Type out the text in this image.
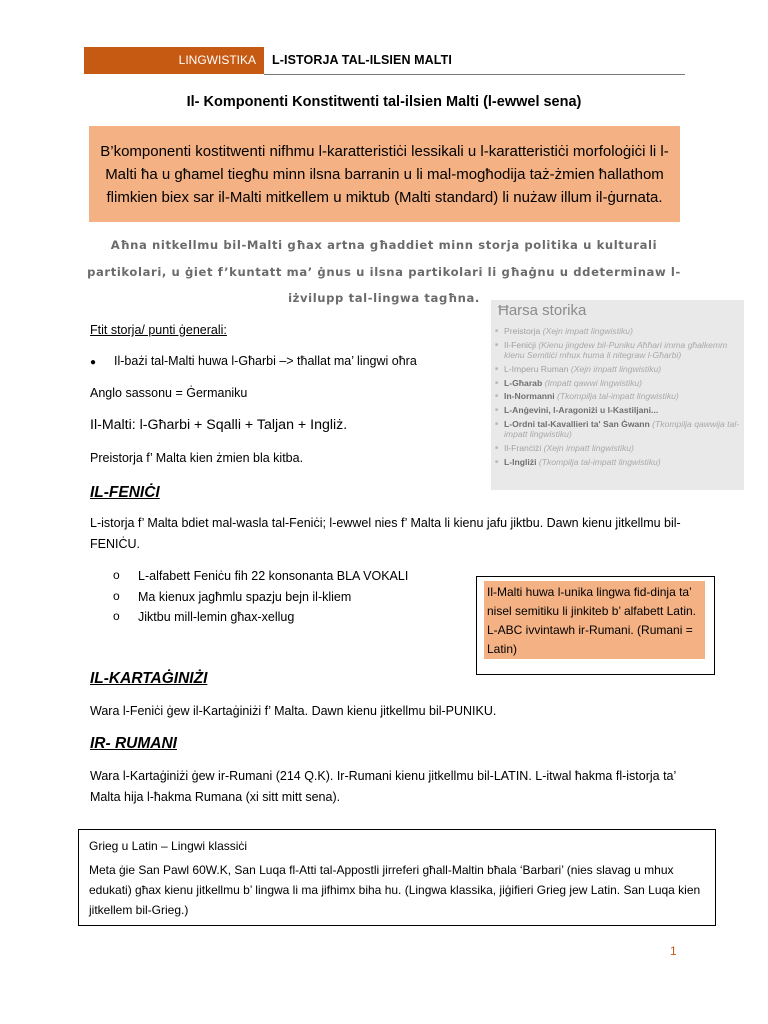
LINGWISTIKA	L-ISTORJA TAL-ILSIEN MALTI
Il- Komponenti Konstitwenti tal-ilsien Malti (l-ewwel sena)
B’komponenti kostitwenti nifhmu l-karatteristiċi lessikali u l-karatteristiċi morfoloġiċi li l-Malti ħa u għamel tiegħu minn ilsna barranin u li mal-mogħodija taż-żmien ħallathom flimkien biex sar il-Malti mitkellem u miktub (Malti standard) li nużaw illum il-ġurnata.
Aħna nitkellmu bil-Malti għax artna għaddiet minn storja politika u kulturali partikolari, u ġiet f’kuntatt ma’ ġnus u ilsna partikolari li għaġnu u ddeterminaw l-iżvilupp tal-lingwa tagħna.
Ħarsa storika
■ Preistorja (Xejn impatt lingwistiku)
■ Il-Feniċji (Kienu jingdew bil-Puniku Aħħari imma għalkemm kienu Semitiċi mhux huma li nitegraw l-Għarbi)
■ L-Imperu Ruman (Xejn impatt lingwistiku)
■ L-Għarab (Impatt qawwi lingwistiku)
■ In-Normanni (Tkompilja tal-impatt lingwistiku)
■ L-Anġevini, l-Aragoniżi u l-Kastiljani...
■ L-Ordni tal-Kavallieri ta' San Ġwann (Tkompilja qawwija tal-impatt lingwistiku)
■ Il-Franċiżi (Xejn impatt lingwistiku)
■ L-Ingliżi (Tkompilja tal-impatt lingwistiku)
Ftit storja/ punti ġenerali:
● Il-bażi tal-Malti huwa l-Għarbi –> tħallat ma’ lingwi oħra
Anglo sassonu = Ġermaniku
Il-Malti: l-Għarbi + Sqalli + Taljan + Ingliż.
Preistorja f’ Malta kien żmien bla kitba.
IL-FENIĊI
L-istorja f’ Malta bdiet mal-wasla tal-Feniċi; l-ewwel nies f’ Malta li kienu jafu jiktbu. Dawn kienu jitkellmu bil-FENIĊU.
o L-alfabett Feniċu fih 22 konsonanta BLA VOKALI
o Ma kienux jagħmlu spazju bejn il-kliem
o Jiktbu mill-lemin għax-xellug
Il-Malti huwa l-unika lingwa fid-dinja ta’ nisel semitiku li jinkiteb b’ alfabett Latin. L-ABC ivvintawh ir-Rumani. (Rumani = Latin)
IL-KARTAĠINIŻI
Wara l-Feniċi ġew il-Kartaġiniżi f’ Malta. Dawn kienu jitkellmu bil-PUNIKU.
IR- RUMANI
Wara l-Kartaġiniżi ġew ir-Rumani (214 Q.K). Ir-Rumani kienu jitkellmu bil-LATIN. L-itwal ħakma fl-istorja ta’ Malta hija l-ħakma Rumana (xi sitt mitt sena).
Grieg u Latin – Lingwi klassiċi
Meta ġie San Pawl 60W.K, San Luqa fl-Atti tal-Appostli jirreferi għall-Maltin bħala ‘Barbari’ (nies slavag u mhux edukati) għax kienu jitkellmu b’ lingwa li ma jifhimx biha hu. (Lingwa klassika, jiġifieri Grieg jew Latin. San Luqa kien jitkellem bil-Grieg.)
1
